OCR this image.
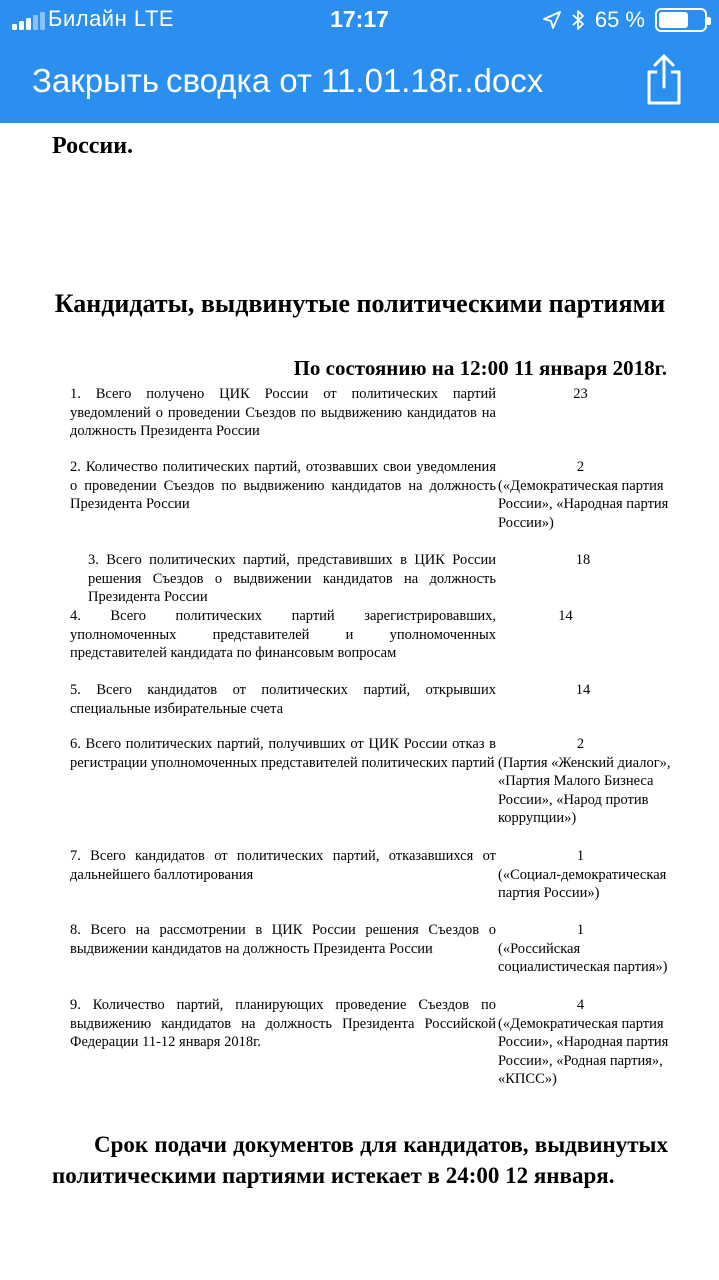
Билайн LTE	17:17	65 %
Закрыть сводка от 11.01.18г..docx
России.
Кандидаты, выдвинутые политическими партиями
По состоянию на 12:00 11 января 2018г.
1. Всего получено ЦИК России от политических партий уведомлений о проведении Съездов по выдвижению кандидатов на должность Президента России
23
2. Количество политических партий, отозвавших свои уведомления о проведении Съездов по выдвижению кандидатов на должность Президента России
2
(«Демократическая партия России», «Народная партия России»)
3. Всего политических партий, представивших в ЦИК России решения Съездов о выдвижении кандидатов на должность Президента России
18
4. Всего политических партий зарегистрировавших, уполномоченных представителей и уполномоченных представителей кандидата по финансовым вопросам
14
5. Всего кандидатов от политических партий, открывших специальные избирательные счета
14
6. Всего политических партий, получивших от ЦИК России отказ в регистрации уполномоченных представителей политических партий
2
(Партия «Женский диалог», «Партия Малого Бизнеса России», «Народ против коррупции»)
7. Всего кандидатов от политических партий, отказавшихся от дальнейшего баллотирования
1
(«Социал-демократическая партия России»)
8. Всего на рассмотрении в ЦИК России решения Съездов о выдвижении кандидатов на должность Президента России
1
(«Российская социалистическая партия»)
9. Количество партий, планирующих проведение Съездов по выдвижению кандидатов на должность Президента Российской Федерации 11-12 января 2018г.
4
(«Демократическая партия России», «Народная партия России», «Родная партия», «КПСС»)
Срок подачи документов для кандидатов, выдвинутых политическими партиями истекает в 24:00 12 января.
